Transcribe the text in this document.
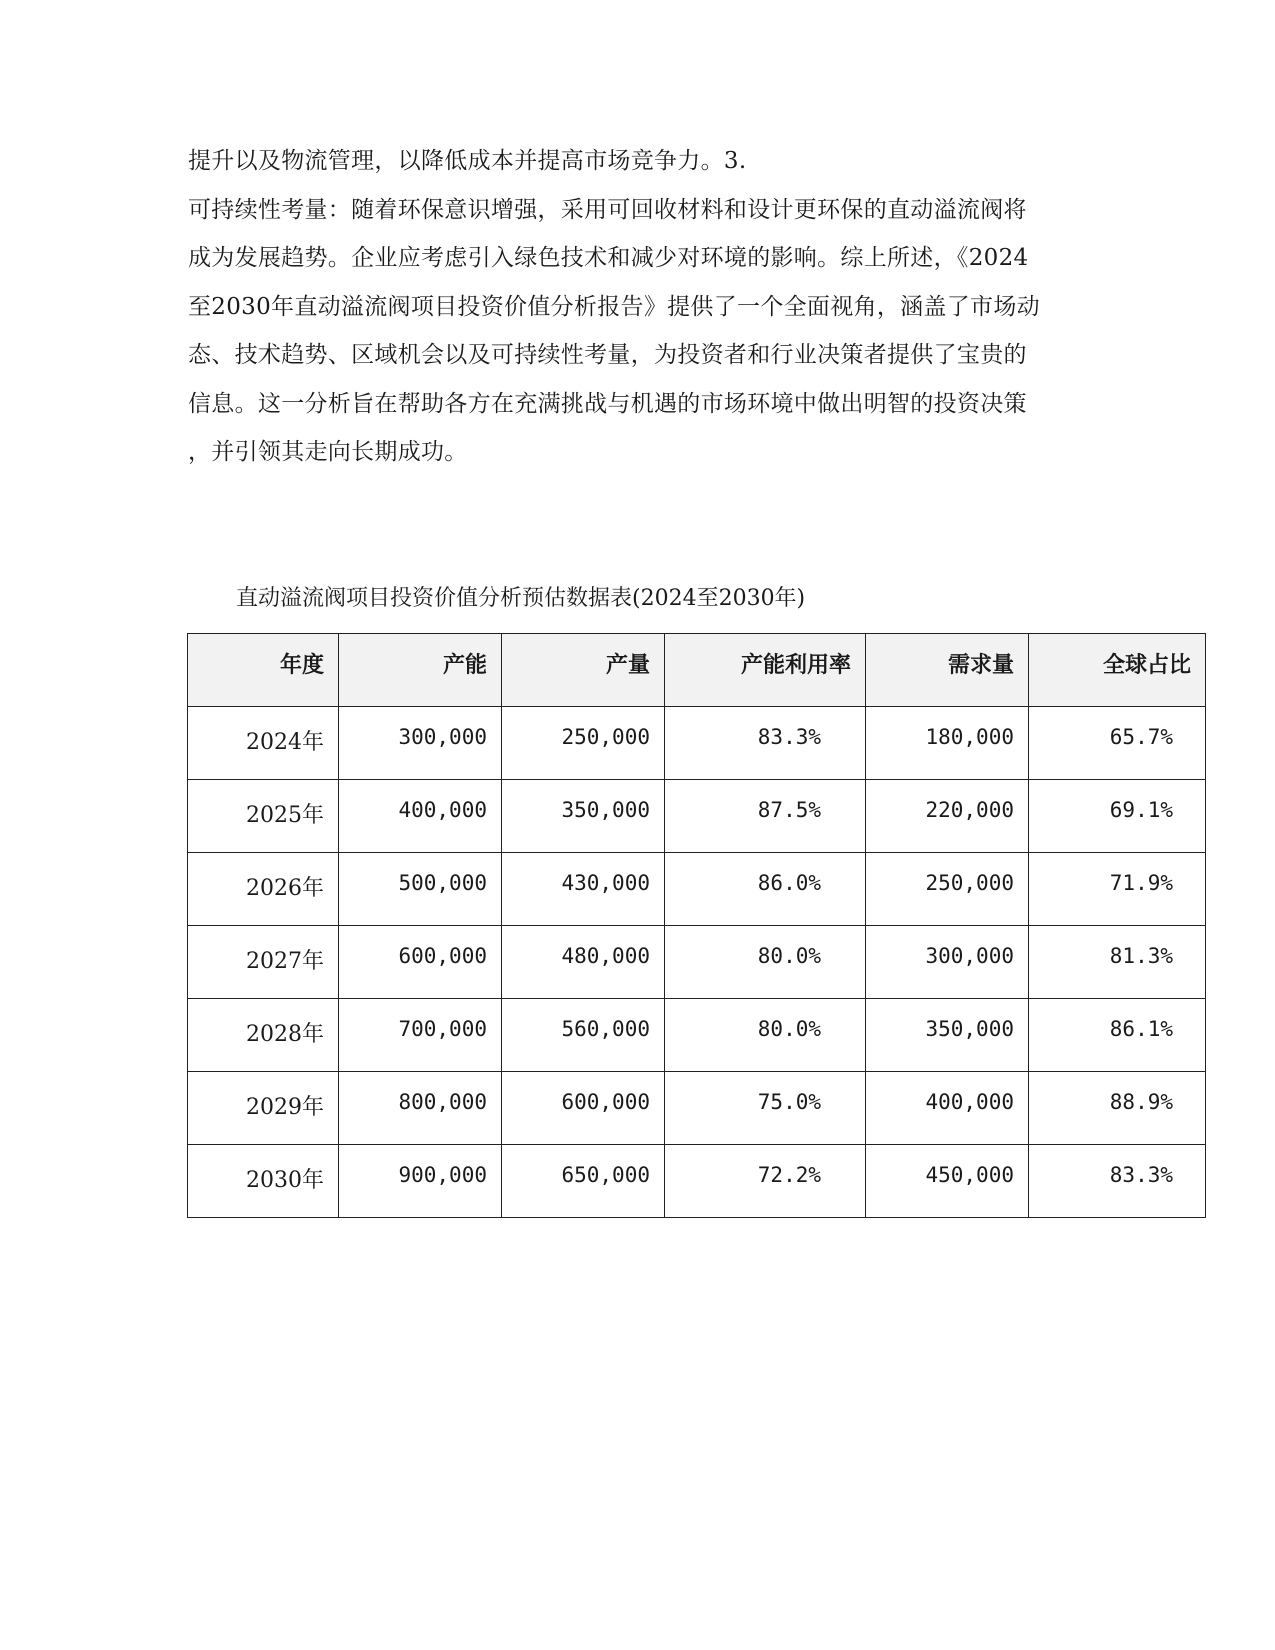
提升以及物流管理，以降低成本并提高市场竞争力。3.
可持续性考量：随着环保意识增强，采用可回收材料和设计更环保的直动溢流阀将
成为发展趋势。企业应考虑引入绿色技术和减少对环境的影响。综上所述，《2024
至2030年直动溢流阀项目投资价值分析报告》提供了一个全面视角，涵盖了市场动
态、技术趋势、区域机会以及可持续性考量，为投资者和行业决策者提供了宝贵的
信息。这一分析旨在帮助各方在充满挑战与机遇的市场环境中做出明智的投资决策
，并引领其走向长期成功。
直动溢流阀项目投资价值分析预估数据表(2024至2030年)
年度	产能	产量	产能利用率	需求量	全球占比
2024年	300,000	250,000	83.3%	180,000	65.7%
2025年	400,000	350,000	87.5%	220,000	69.1%
2026年	500,000	430,000	86.0%	250,000	71.9%
2027年	600,000	480,000	80.0%	300,000	81.3%
2028年	700,000	560,000	80.0%	350,000	86.1%
2029年	800,000	600,000	75.0%	400,000	88.9%
2030年	900,000	650,000	72.2%	450,000	83.3%
